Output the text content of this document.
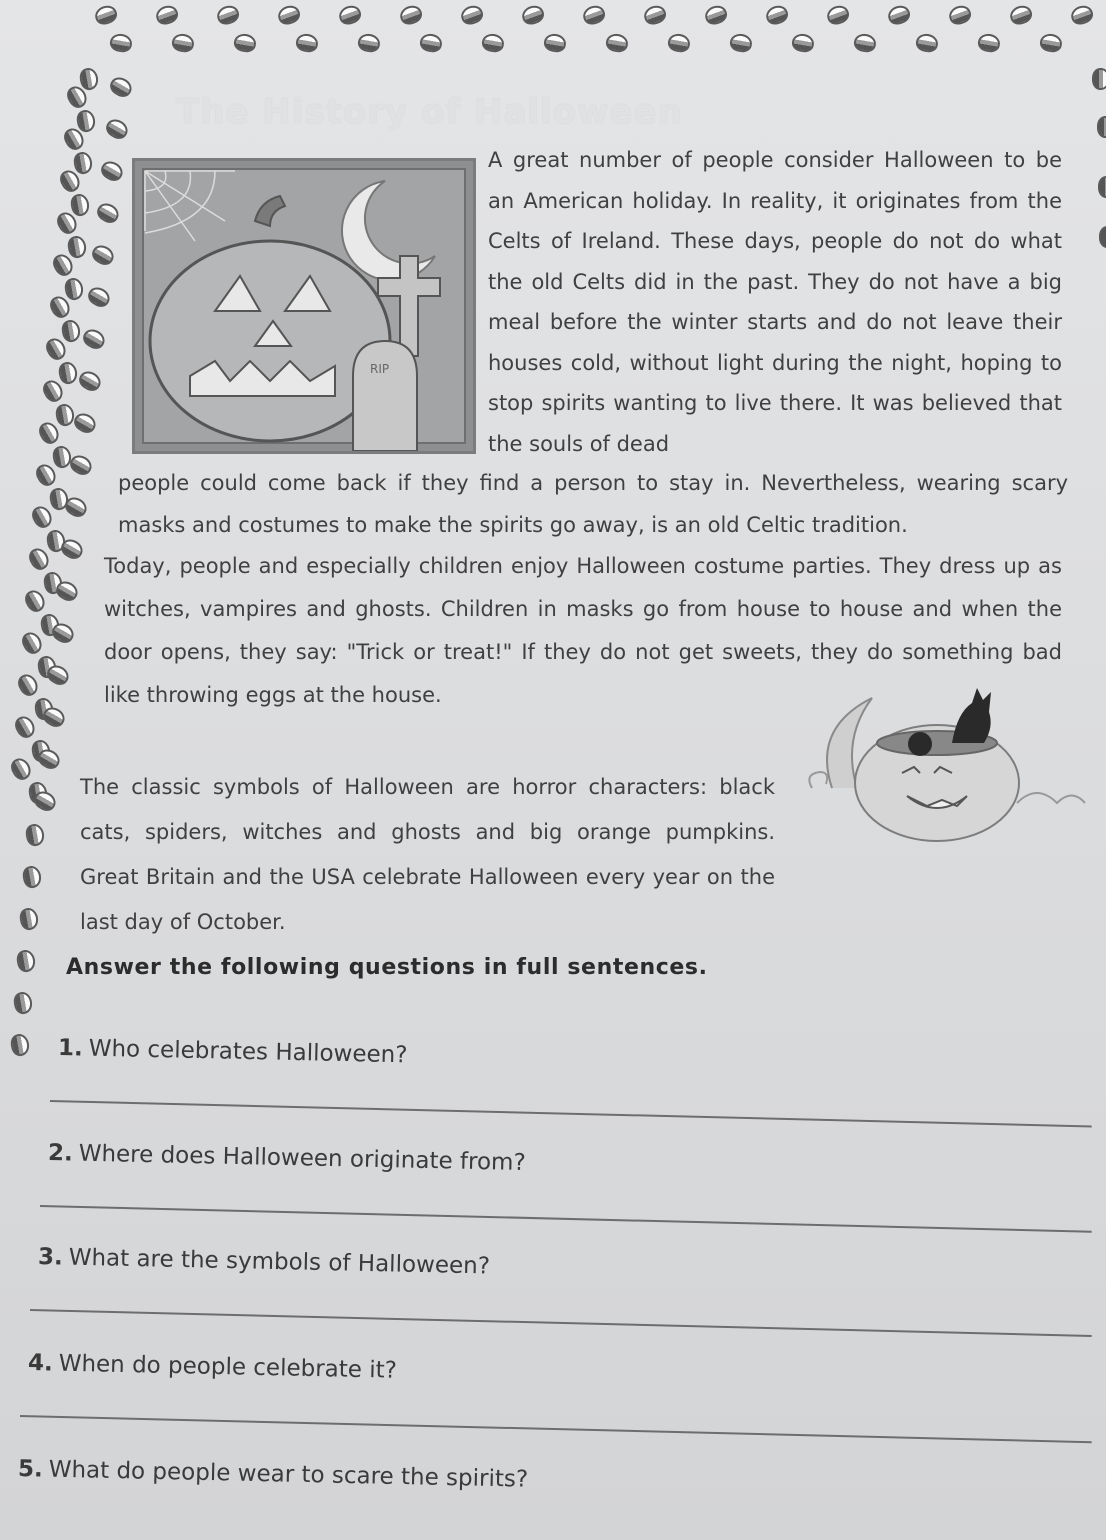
The History of Halloween
RIP

A great number of people consider Halloween to be an American holiday. In reality, it originates from the Celts of Ireland. These days, people do not do what the old Celts did in the past. They do not have a big meal before the winter starts and do not leave their houses cold, without light during the night, hoping to stop spirits wanting to live there. It was believed that the souls of dead

people could come back if they find a person to stay in. Nevertheless, wearing scary masks and costumes to make the spirits go away, is an old Celtic tradition.

Today, people and especially children enjoy Halloween costume parties. They dress up as witches, vampires and ghosts. Children in masks go from house to house and when the door opens, they say: "Trick or treat!" If they do not get sweets, they do something bad like throwing eggs at the house.

The classic symbols of Halloween are horror characters: black cats, spiders, witches and ghosts and big orange pumpkins. Great Britain and the USA celebrate Halloween every year on the last day of October.

Answer the following questions in full sentences.
1. Who celebrates Halloween?
2. Where does Halloween originate from?
3. What are the symbols of Halloween?
4. When do people celebrate it?
5. What do people wear to scare the spirits?
